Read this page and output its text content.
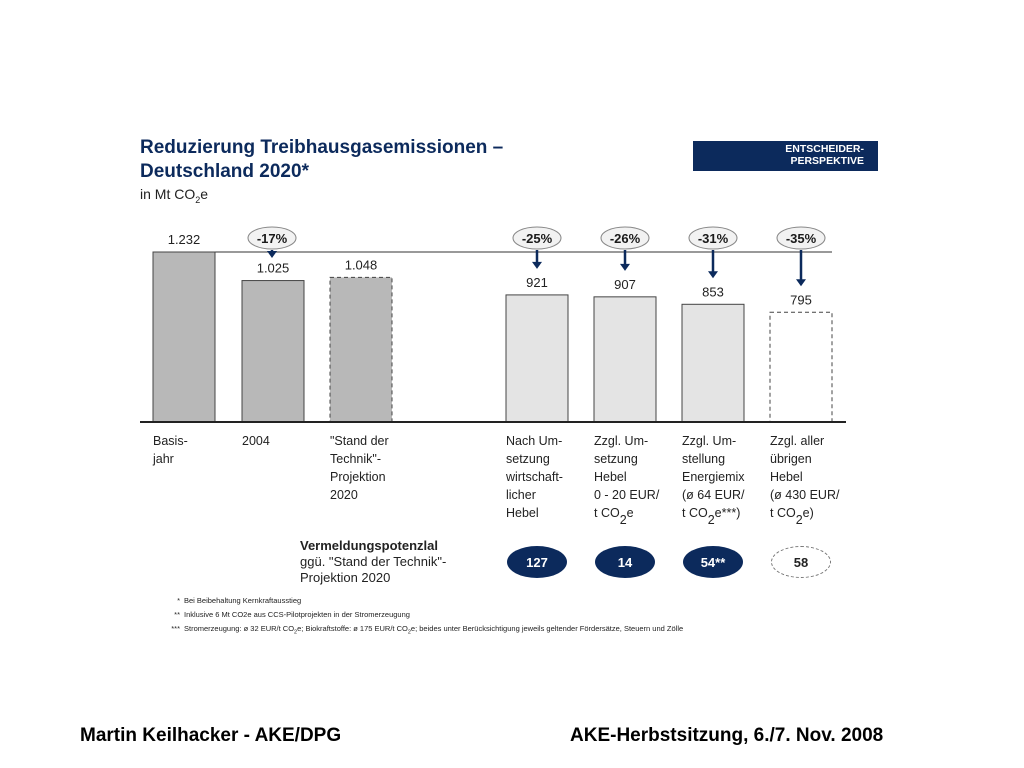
Reduzierung Treibhausgasemissionen –
Deutschland 2020*
in Mt $CO_2e$
ENTSCHEIDER-
PERSPEKTIVE
1.232
Basis-jahr
1.025
-17%
2004
1.048
"Stand der Technik"-Projektion 2020
921
-25%
Nach Um-setzung wirtschaft-licher Hebel
907
-26%
Zzgl. Um-setzung Hebel 0 - 20 EUR/ t $CO_2e$
853
-31%
Zzgl. Um-stellung Energiemix (ø 64 EUR/ t $CO_2e***$)
795
-35%
Zzgl. aller übrigen Hebel (ø 430 EUR/ t $CO_2e$)
Vermeldungspotenzlal
ggü. "Stand der Technik"-
Projektion 2020
127	14	54**	58
* Bei Beibehaltung Kernkraftausstieg
** Inklusive 6 Mt CO2e aus CCS-Pilotprojekten in der Stromerzeugung
*** Stromerzeugung: ø 32 EUR/t $CO_2e$; Biokraftstoffe: ø 175 EUR/t $CO_2e$; beides unter Berücksichtigung jeweils geltender Fördersätze, Steuern und Zölle
Martin Keilhacker - AKE/DPG	AKE-Herbstsitzung, 6./7. Nov. 2008
